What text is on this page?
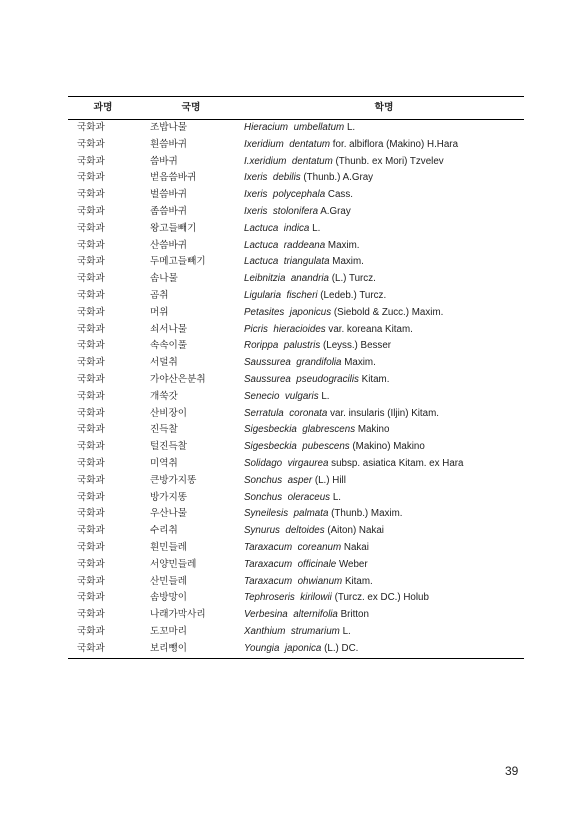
과명	국명	학명
국화과	조밥나물	Hieracium umbellatum L.
국화과	흰씀바귀	Ixeridium dentatum for. albiflora (Makino) H.Hara
국화과	씀바귀	I.xeridium dentatum (Thunb. ex Mori) Tzvelev
국화과	벋음씀바귀	Ixeris debilis (Thunb.) A.Gray
국화과	벌씀바귀	Ixeris polycephala Cass.
국화과	좀씀바귀	Ixeris stolonifera A.Gray
국화과	왕고들빼기	Lactuca indica L.
국화과	산씀바귀	Lactuca raddeana Maxim.
국화과	두메고들빼기	Lactuca triangulata Maxim.
국화과	솜나물	Leibnitzia anandria (L.) Turcz.
국화과	곰취	Ligularia fischeri (Ledeb.) Turcz.
국화과	머위	Petasites japonicus (Siebold & Zucc.) Maxim.
국화과	쇠서나물	Picris hieracioides var. koreana Kitam.
국화과	속속이풀	Rorippa palustris (Leyss.) Besser
국화과	서덜취	Saussurea grandifolia Maxim.
국화과	가야산은분취	Saussurea pseudogracilis Kitam.
국화과	개쑥갓	Senecio vulgaris L.
국화과	산비장이	Serratula coronata var. insularis (Iljin) Kitam.
국화과	진득찰	Sigesbeckia glabrescens Makino
국화과	털진득찰	Sigesbeckia pubescens (Makino) Makino
국화과	미역취	Solidago virgaurea subsp. asiatica Kitam. ex Hara
국화과	큰방가지똥	Sonchus asper (L.) Hill
국화과	방가지똥	Sonchus oleraceus L.
국화과	우산나물	Syneilesis palmata (Thunb.) Maxim.
국화과	수리취	Synurus deltoides (Aiton) Nakai
국화과	흰민들레	Taraxacum coreanum Nakai
국화과	서양민들레	Taraxacum officinale Weber
국화과	산민들레	Taraxacum ohwianum Kitam.
국화과	솜방망이	Tephroseris kirilowii (Turcz. ex DC.) Holub
국화과	나래가막사리	Verbesina alternifolia Britton
국화과	도꼬마리	Xanthium strumarium L.
국화과	보리뺑이	Youngia japonica (L.) DC.
39
